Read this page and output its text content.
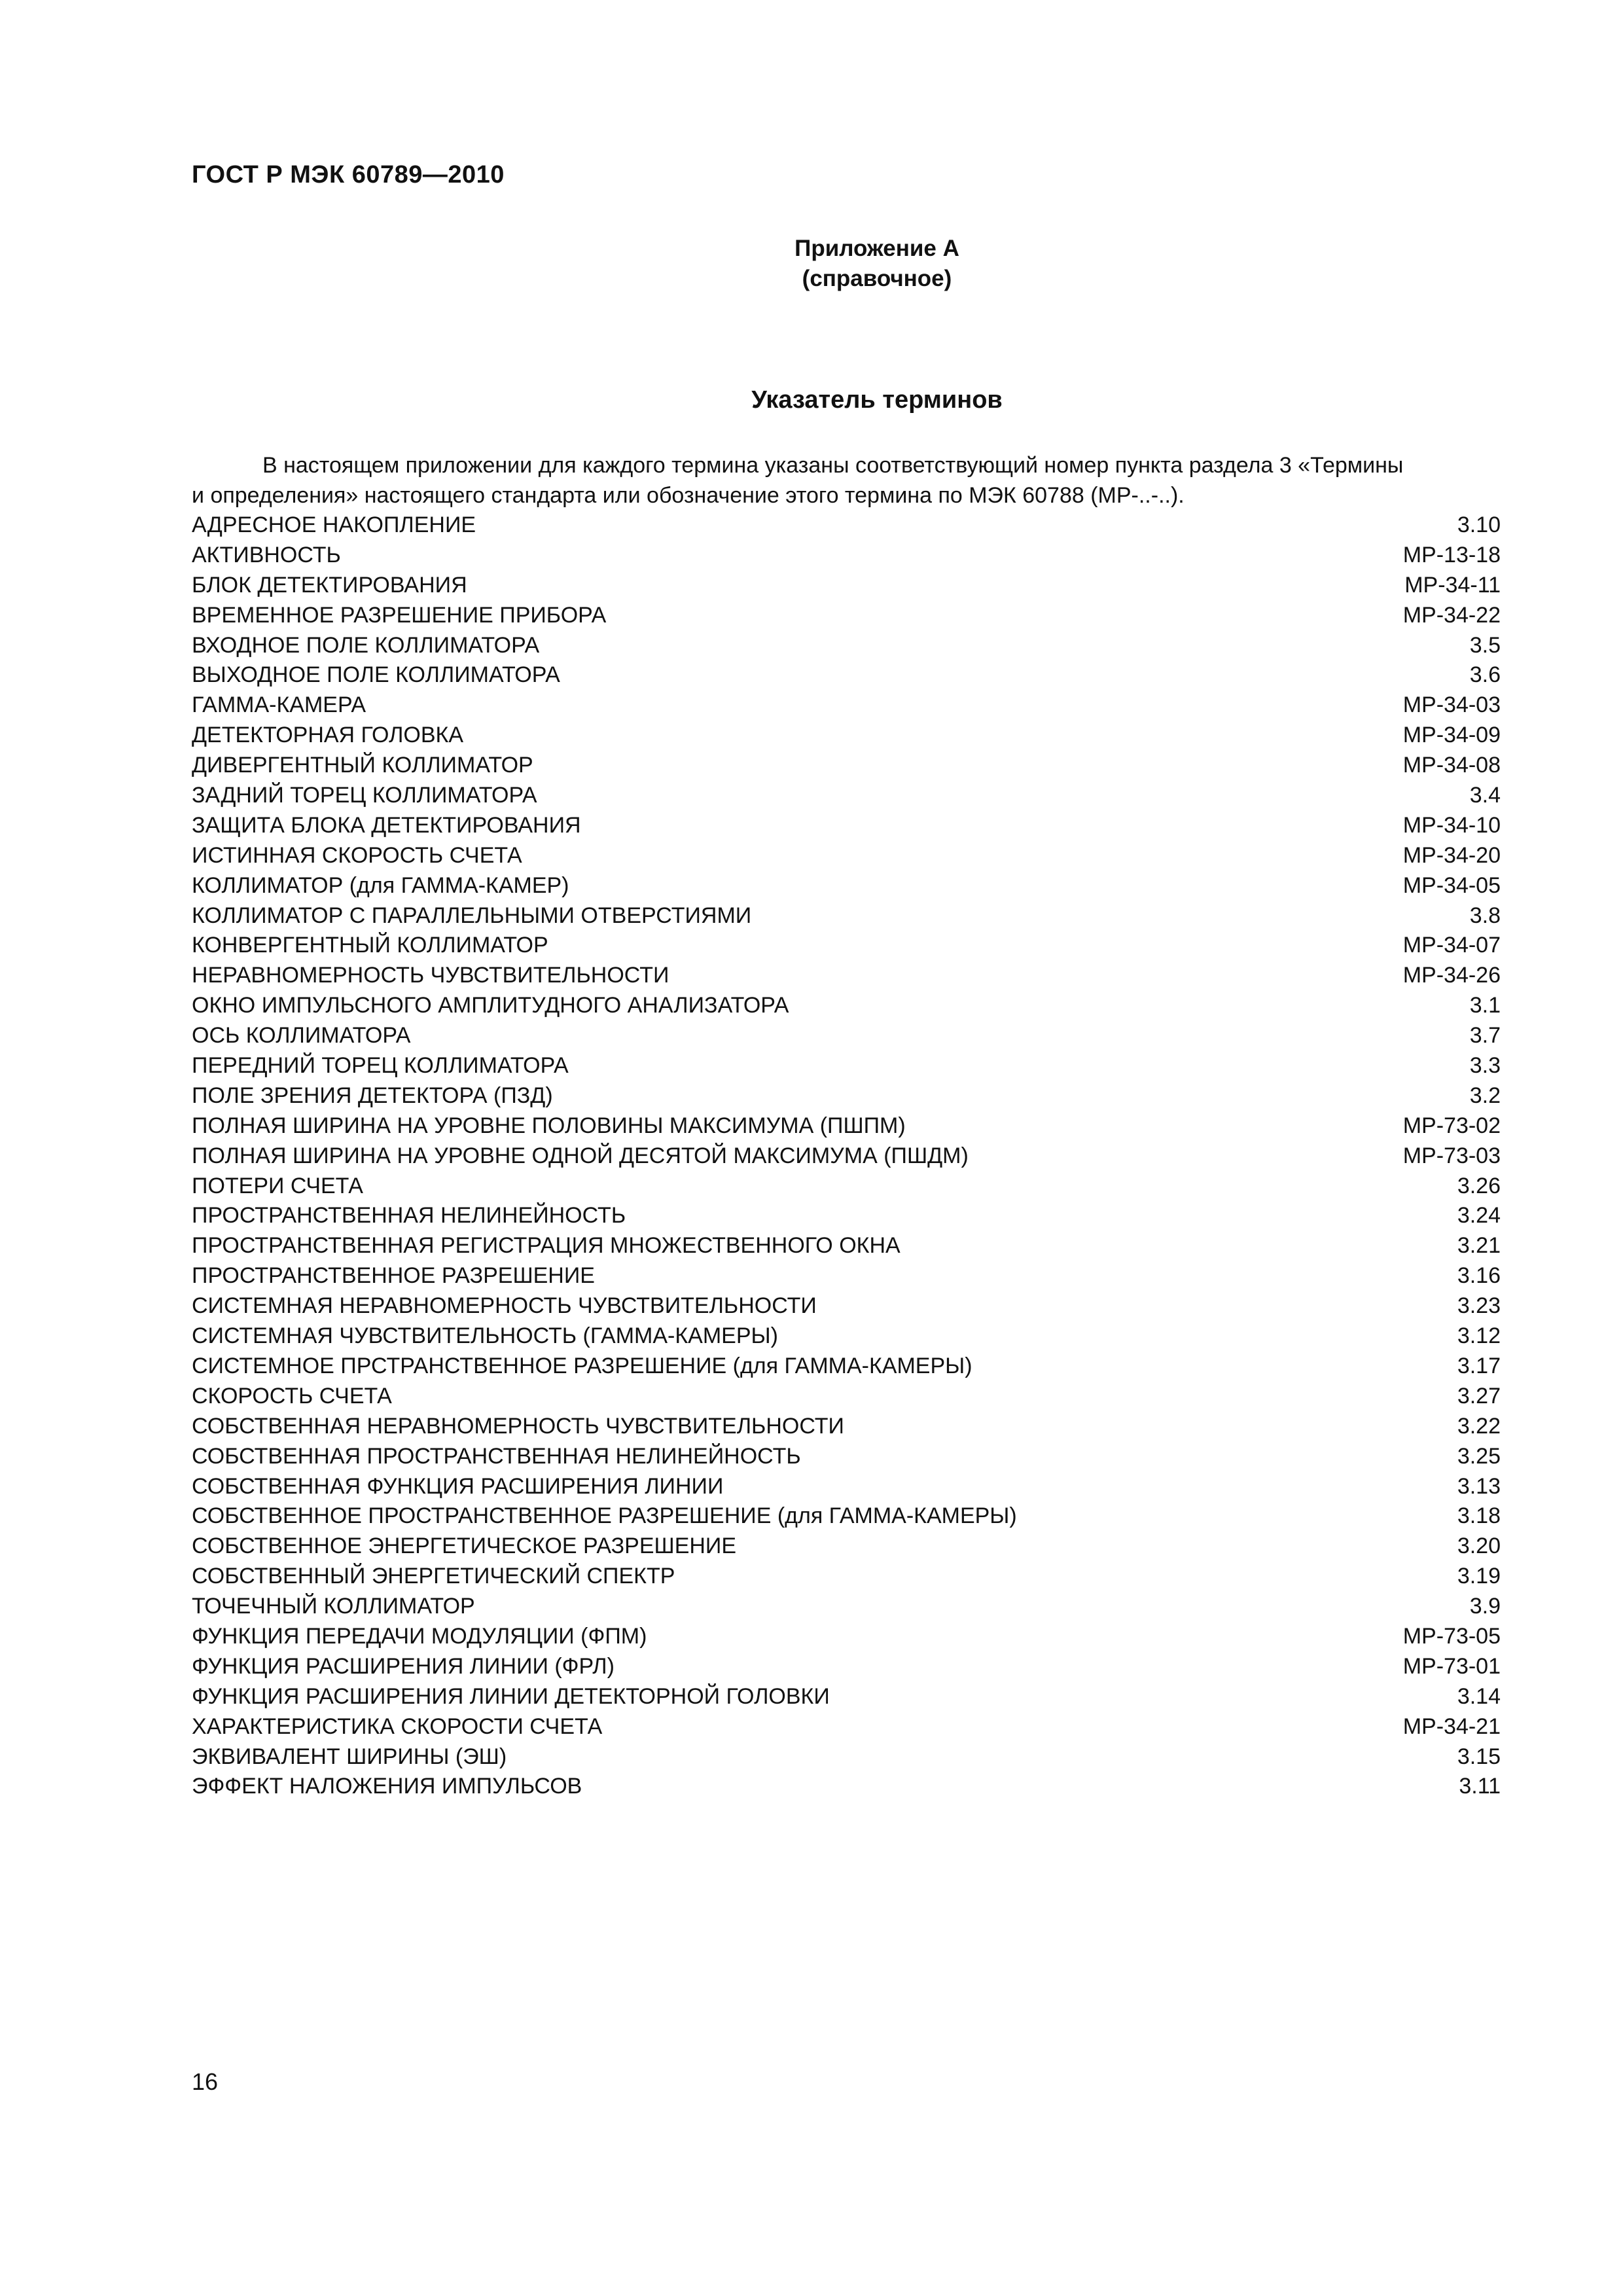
ГОСТ Р МЭК 60789—2010
Приложение А
(справочное)
Указатель терминов
В настоящем приложении для каждого термина указаны соответствующий номер пункта раздела 3 «Термины
и определения» настоящего стандарта или обозначение этого термина по МЭК 60788 (МР-..-..).
АДРЕСНОЕ НАКОПЛЕНИЕ	3.10
АКТИВНОСТЬ	МР-13-18
БЛОК ДЕТЕКТИРОВАНИЯ	МР-34-11
ВРЕМЕННОЕ РАЗРЕШЕНИЕ ПРИБОРА	МР-34-22
ВХОДНОЕ ПОЛЕ КОЛЛИМАТОРА	3.5
ВЫХОДНОЕ ПОЛЕ КОЛЛИМАТОРА	3.6
ГАММА-КАМЕРА	МР-34-03
ДЕТЕКТОРНАЯ ГОЛОВКА	МР-34-09
ДИВЕРГЕНТНЫЙ КОЛЛИМАТОР	МР-34-08
ЗАДНИЙ ТОРЕЦ КОЛЛИМАТОРА	3.4
ЗАЩИТА БЛОКА ДЕТЕКТИРОВАНИЯ	МР-34-10
ИСТИННАЯ СКОРОСТЬ СЧЕТА	МР-34-20
КОЛЛИМАТОР (для ГАММА-КАМЕР)	МР-34-05
КОЛЛИМАТОР С ПАРАЛЛЕЛЬНЫМИ ОТВЕРСТИЯМИ	3.8
КОНВЕРГЕНТНЫЙ КОЛЛИМАТОР	МР-34-07
НЕРАВНОМЕРНОСТЬ ЧУВСТВИТЕЛЬНОСТИ	МР-34-26
ОКНО ИМПУЛЬСНОГО АМПЛИТУДНОГО АНАЛИЗАТОРА	3.1
ОСЬ КОЛЛИМАТОРА	3.7
ПЕРЕДНИЙ ТОРЕЦ КОЛЛИМАТОРА	3.3
ПОЛЕ ЗРЕНИЯ ДЕТЕКТОРА (ПЗД)	3.2
ПОЛНАЯ ШИРИНА НА УРОВНЕ ПОЛОВИНЫ МАКСИМУМА (ПШПМ)	МР-73-02
ПОЛНАЯ ШИРИНА НА УРОВНЕ ОДНОЙ ДЕСЯТОЙ МАКСИМУМА (ПШДМ)	МР-73-03
ПОТЕРИ СЧЕТА	3.26
ПРОСТРАНСТВЕННАЯ НЕЛИНЕЙНОСТЬ	3.24
ПРОСТРАНСТВЕННАЯ РЕГИСТРАЦИЯ МНОЖЕСТВЕННОГО ОКНА	3.21
ПРОСТРАНСТВЕННОЕ РАЗРЕШЕНИЕ	3.16
СИСТЕМНАЯ НЕРАВНОМЕРНОСТЬ ЧУВСТВИТЕЛЬНОСТИ	3.23
СИСТЕМНАЯ ЧУВСТВИТЕЛЬНОСТЬ (ГАММА-КАМЕРЫ)	3.12
СИСТЕМНОЕ ПРСТРАНСТВЕННОЕ РАЗРЕШЕНИЕ (для ГАММА-КАМЕРЫ)	3.17
СКОРОСТЬ СЧЕТА	3.27
СОБСТВЕННАЯ НЕРАВНОМЕРНОСТЬ ЧУВСТВИТЕЛЬНОСТИ	3.22
СОБСТВЕННАЯ ПРОСТРАНСТВЕННАЯ НЕЛИНЕЙНОСТЬ	3.25
СОБСТВЕННАЯ ФУНКЦИЯ РАСШИРЕНИЯ ЛИНИИ	3.13
СОБСТВЕННОЕ ПРОСТРАНСТВЕННОЕ РАЗРЕШЕНИЕ (для ГАММА-КАМЕРЫ)	3.18
СОБСТВЕННОЕ ЭНЕРГЕТИЧЕСКОЕ РАЗРЕШЕНИЕ	3.20
СОБСТВЕННЫЙ ЭНЕРГЕТИЧЕСКИЙ СПЕКТР	3.19
ТОЧЕЧНЫЙ КОЛЛИМАТОР	3.9
ФУНКЦИЯ ПЕРЕДАЧИ МОДУЛЯЦИИ (ФПМ)	МР-73-05
ФУНКЦИЯ РАСШИРЕНИЯ ЛИНИИ (ФРЛ)	МР-73-01
ФУНКЦИЯ РАСШИРЕНИЯ ЛИНИИ ДЕТЕКТОРНОЙ ГОЛОВКИ	3.14
ХАРАКТЕРИСТИКА СКОРОСТИ СЧЕТА	МР-34-21
ЭКВИВАЛЕНТ ШИРИНЫ (ЭШ)	3.15
ЭФФЕКТ НАЛОЖЕНИЯ ИМПУЛЬСОВ	3.11
16
